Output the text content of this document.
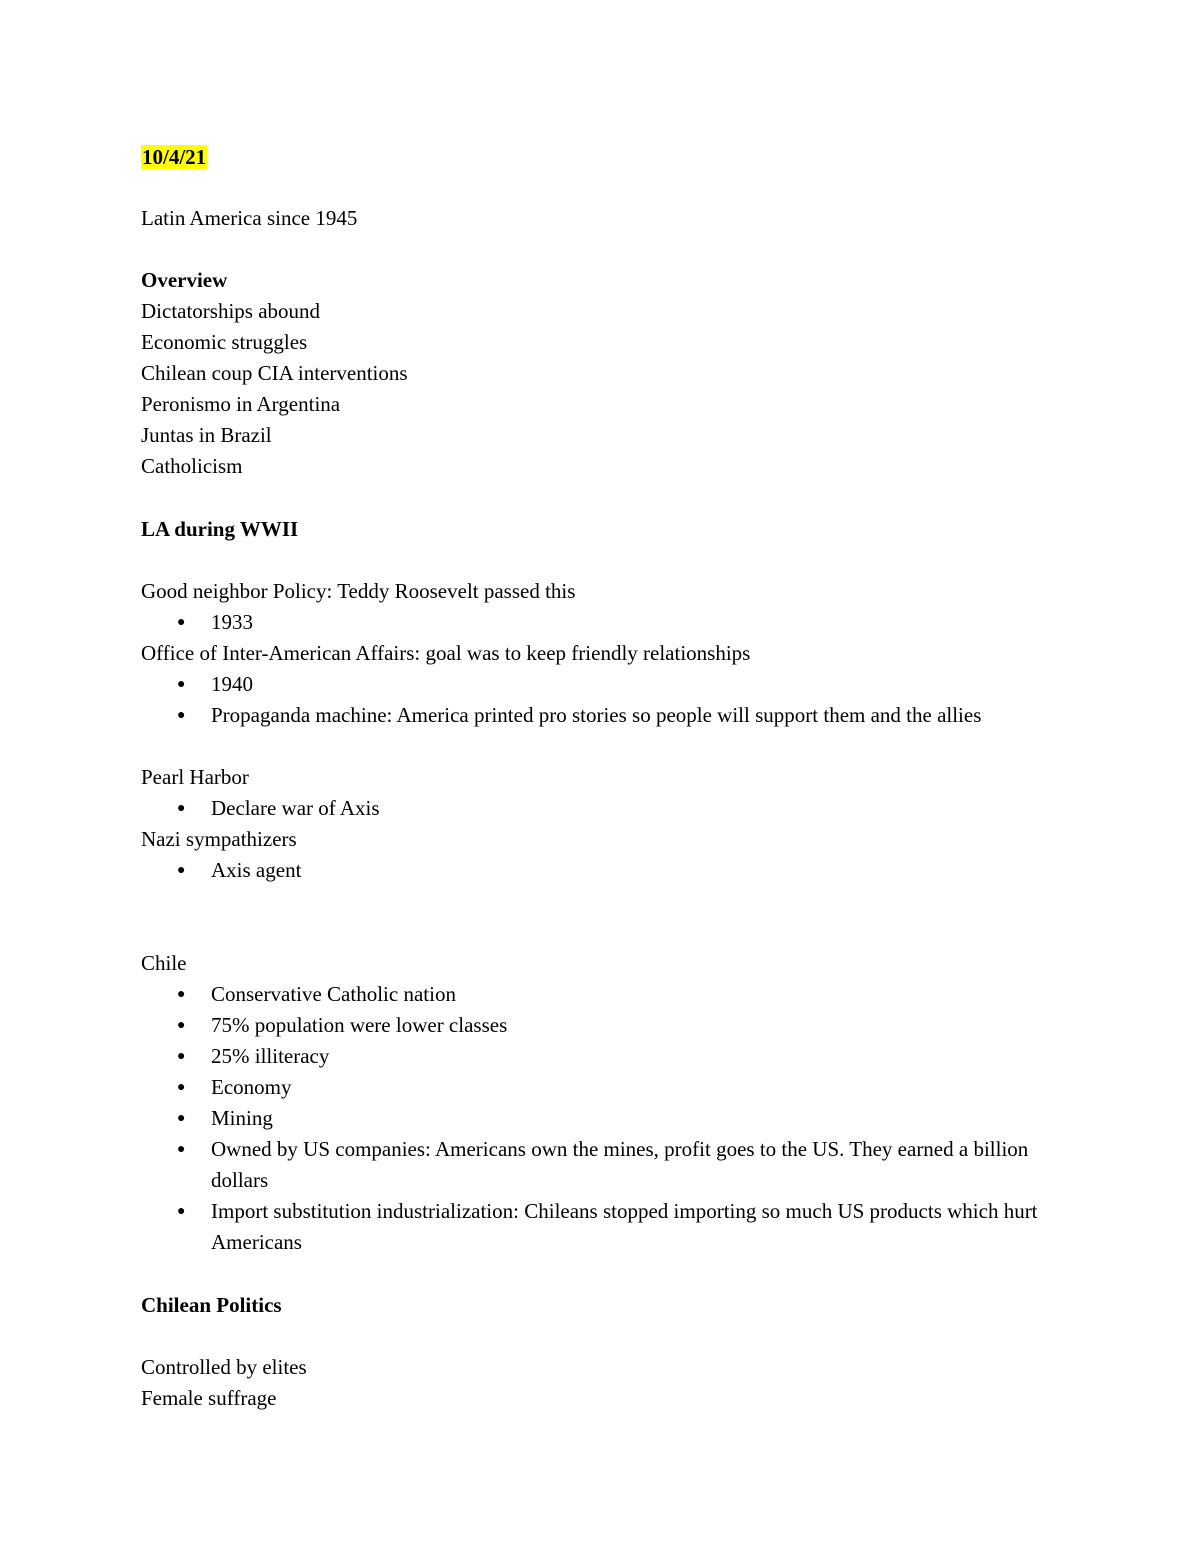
10/4/21
Latin America since 1945
Overview
Dictatorships abound
Economic struggles
Chilean coup CIA interventions
Peronismo in Argentina
Juntas in Brazil
Catholicism
LA during WWII
Good neighbor Policy: Teddy Roosevelt passed this
●	1933
Office of Inter-American Affairs: goal was to keep friendly relationships
●	1940
●	Propaganda machine: America printed pro stories so people will support them and the allies
Pearl Harbor
●	Declare war of Axis
Nazi sympathizers
●	Axis agent
Chile
●	Conservative Catholic nation
●	75% population were lower classes
●	25% illiteracy
●	Economy
●	Mining
●	Owned by US companies: Americans own the mines, profit goes to the US. They earned a billion dollars
●	Import substitution industrialization: Chileans stopped importing so much US products which hurt Americans
Chilean Politics
Controlled by elites
Female suffrage
